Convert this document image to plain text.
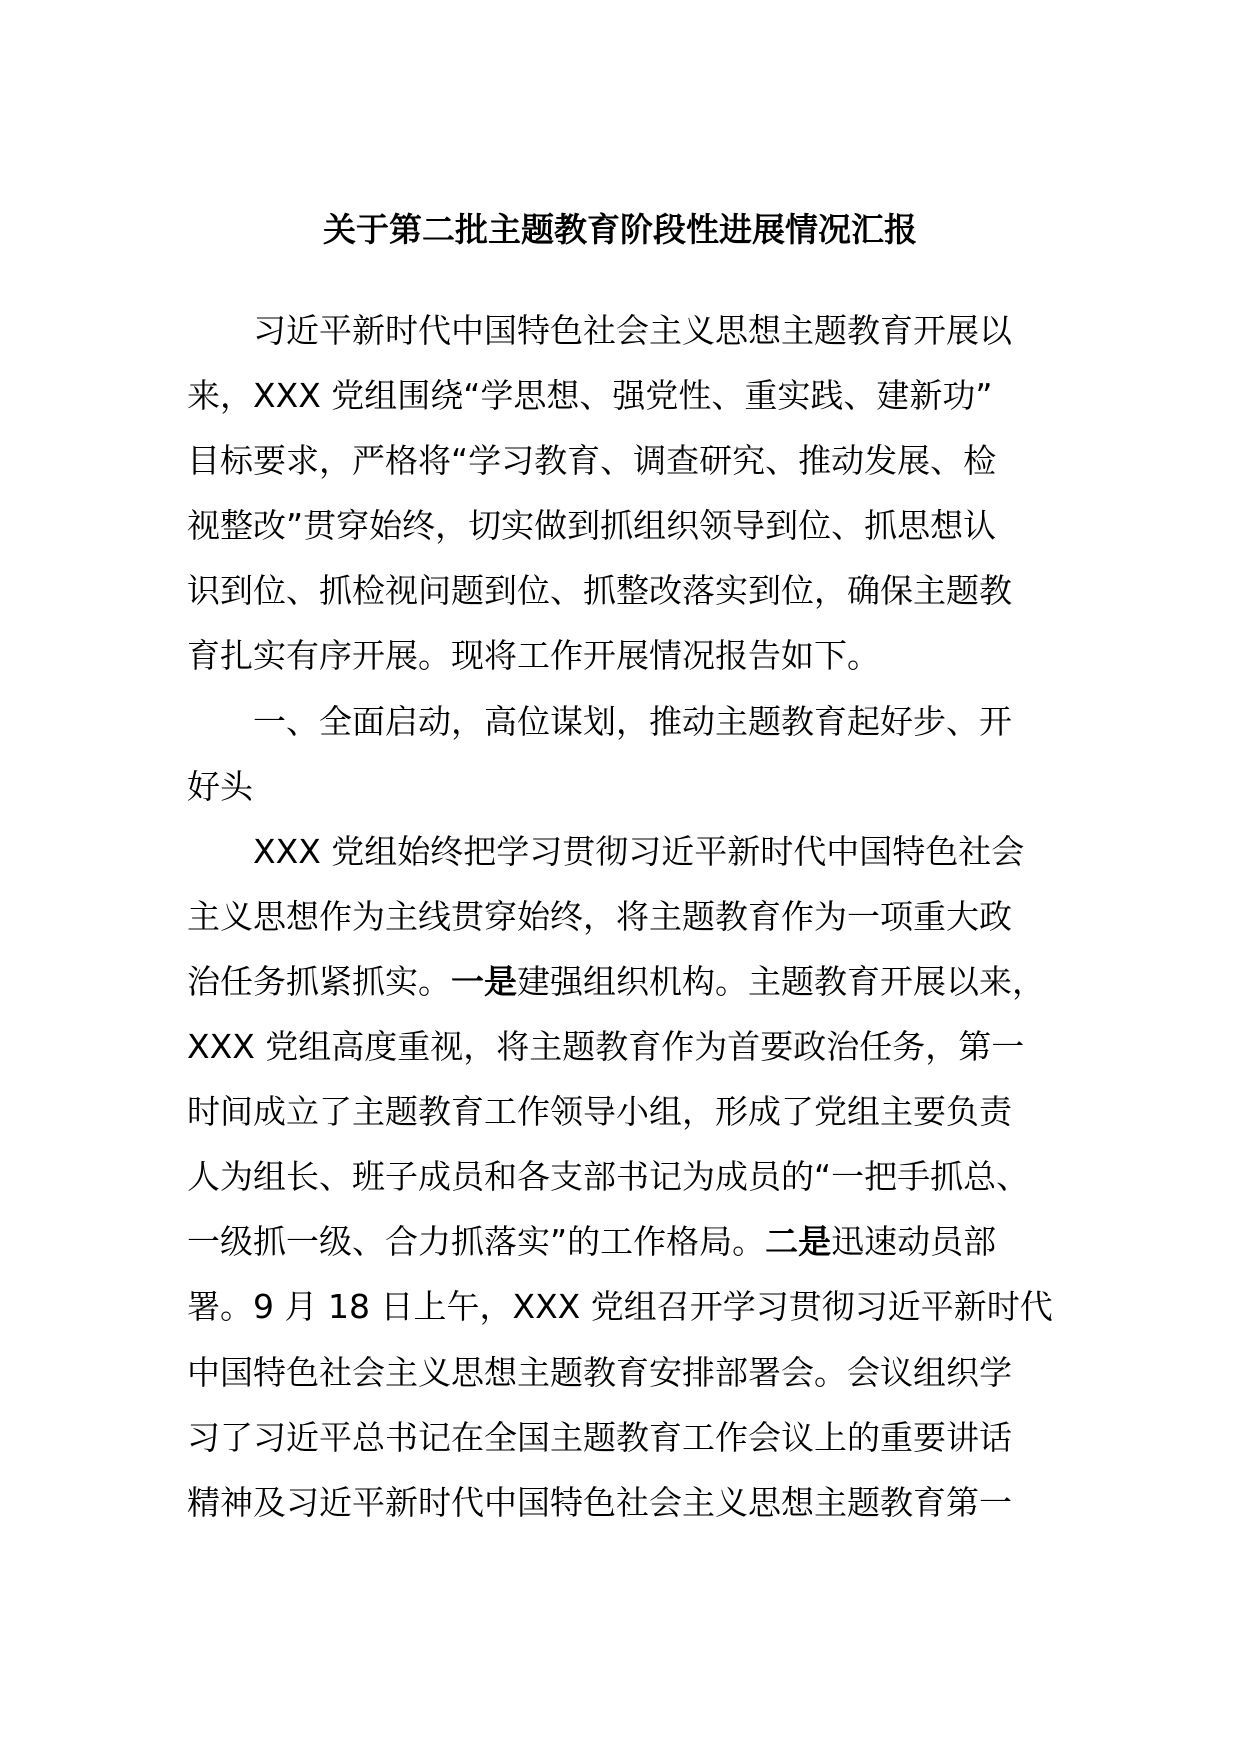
关于第二批主题教育阶段性进展情况汇报
习近平新时代中国特色社会主义思想主题教育开展以
来，XXX 党组围绕“学思想、强党性、重实践、建新功”
目标要求，严格将“学习教育、调查研究、推动发展、检
视整改”贯穿始终，切实做到抓组织领导到位、抓思想认
识到位、抓检视问题到位、抓整改落实到位，确保主题教
育扎实有序开展。现将工作开展情况报告如下。
一、全面启动，高位谋划，推动主题教育起好步、开
好头
XXX 党组始终把学习贯彻习近平新时代中国特色社会
主义思想作为主线贯穿始终，将主题教育作为一项重大政
治任务抓紧抓实。一是建强组织机构。主题教育开展以来，
XXX 党组高度重视，将主题教育作为首要政治任务，第一
时间成立了主题教育工作领导小组，形成了党组主要负责
人为组长、班子成员和各支部书记为成员的“一把手抓总、
一级抓一级、合力抓落实”的工作格局。二是迅速动员部
署。9 月 18 日上午，XXX 党组召开学习贯彻习近平新时代
中国特色社会主义思想主题教育安排部署会。会议组织学
习了习近平总书记在全国主题教育工作会议上的重要讲话
精神及习近平新时代中国特色社会主义思想主题教育第一
